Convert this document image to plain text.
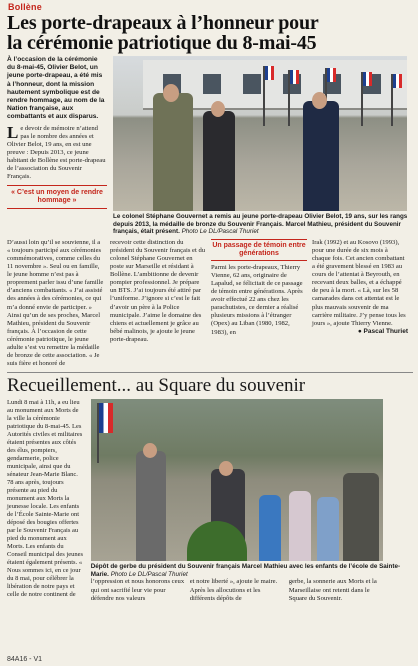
Bollène
Les porte-drapeaux à l’honneur pour
la cérémonie patriotique du 8-mai-45

À l’occasion de la cérémonie du 8-mai-45, Olivier Belot, un jeune porte-drapeau, a été mis à l’honneur, dont la mission hautement symbolique est de rendre hommage, au nom de la Nation française, aux combattants et aux disparus.

Le devoir de mémoire n’attend pas le nombre des années et Olivier Belot, 19 ans, en est une preuve : Depuis 2013, ce jeune habitant de Bollène est porte-drapeau de l’association du Souvenir Français.

« C’est un moyen de rendre hommage »

Le colonel Stéphane Gouvernet a remis au jeune porte-drapeau Olivier Belot, 19 ans, sur les rangs depuis 2013, la médaille de bronze du Souvenir Français. Marcel Mathieu, président du Souvenir français, était présent. Photo Le DL/Pascal Thuriet

D’aussi loin qu’il se souvienne, il a « toujours participé aux cérémonies commémoratives, comme celles du 11 novembre ». Seul ou en famille, le jeune homme n’est pas à proprement parler issu d’une famille d’anciens combattants. « J’ai assisté des années à des cérémonies, ce qui m’a donné envie de participer. » Ainsi qu’un de ses proches, Marcel Mathieu, président du Souvenir français. À l’occasion de cette cérémonie patriotique, le jeune adulte s’est vu remettre la médaille de bronze de cette association. « Je suis fière et honoré de
recevoir cette distinction du président du Souvenir français et du colonel Stéphane Gouvernet en poste sur Marseille et résidant à Bollène. L’ambitionne de devenir pompier professionnel. Je prépare un BTS. J’ai toujours été attiré par l’uniforme. J’ignore si c’est le fait d’avoir un père à la Police municipale. J’aime le domaine des chiens et actuellement je grâce au bébé malinois, je ajoute le jeune porte-drapeau.
Un passage de témoin entre générations
Parmi les porte-drapeaux, Thierry Vienne, 62 ans, originaire de Lapalud, se félicitait de ce passage de témoin entre générations. Après avoir effectué 22 ans chez les parachutistes, ce dernier a réalisé plusieurs missions à l’étranger (Opex) au Liban (1980, 1982, 1983), en
Irak (1992) et au Kosovo (1993), pour une durée de six mois à chaque fois. Cet ancien combattant a été gravement blessé en 1983 au cours de l’attentat à Beyrouth, en recevant deux balles, et a échappé de peu à la mort. « Là, sur les 58 camarades dans cet attentat est le plus mauvais souvenir de ma carrière militaire. J’y pense tous les jours », ajoute Thierry Vienne.
● Pascal Thuriet
Recueillement... au Square du souvenir
Lundi 8 mai à 11h, a eu lieu au monument aux Morts de la ville la cérémonie patriotique du 8-mai-45. Les Autorités civiles et militaires étaient présentes aux côtés des élus, pompiers, gendarmerie, police municipale, ainsi que du sénateur Jean-Marie Blanc. 78 ans après, toujours présente au pied du monument aux Morts la jeunesse locale. Les enfants de l’École Sainte-Marie ont déposé des bougies offertes par le Souvenir Français au pied du monument aux Morts. Les enfants du Conseil municipal des jeunes étaient également présents. « Nous sommes ici, en ce jour du 8 mai, pour célébrer la libération de notre pays et celle de notre continent de

Dépôt de gerbe du président du Souvenir français Marcel Mathieu avec les enfants de l’école de Sainte-Marie. Photo Le DL/Pascal Thuriet

l’oppression et nous honorons ceux qui ont sacrifié leur vie pour défendre nos valeurs
et notre liberté », ajoute le maire. Après les allocutions et les différents dépôts de
gerbe, la sonnerie aux Morts et la Marseillaise ont retenti dans le Square du Souvenir.
84A16 - V1
